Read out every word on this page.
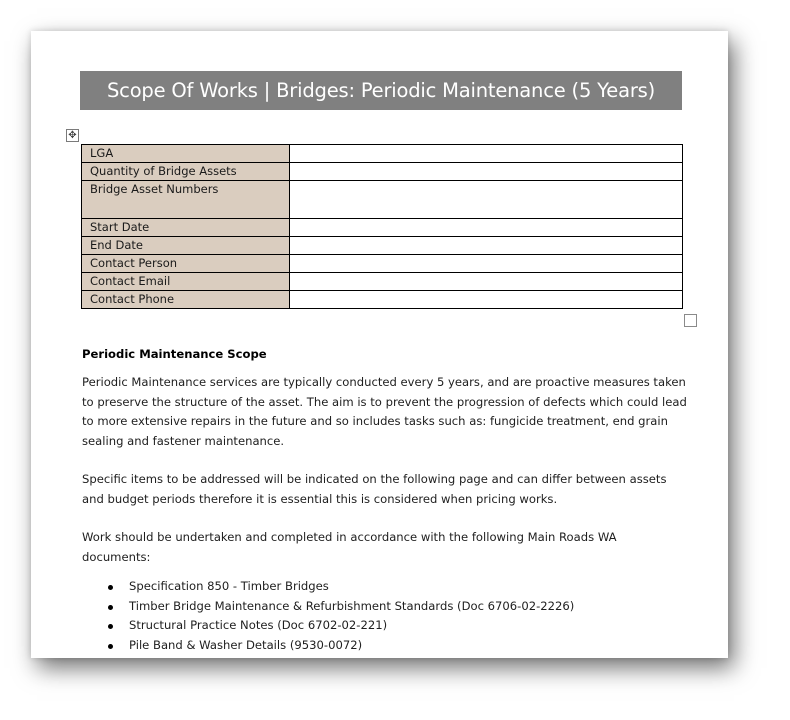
Scope Of Works | Bridges: Periodic Maintenance (5 Years)
✥
LGA	
Quantity of Bridge Assets	
Bridge Asset Numbers	
Start Date	
End Date	
Contact Person	
Contact Email	
Contact Phone	
Periodic Maintenance Scope

Periodic Maintenance services are typically conducted every 5 years, and are proactive measures taken to preserve the structure of the asset. The aim is to prevent the progression of defects which could lead to more extensive repairs in the future and so includes tasks such as: fungicide treatment, end grain sealing and fastener maintenance.

Specific items to be addressed will be indicated on the following page and can differ between assets and budget periods therefore it is essential this is considered when pricing works.

Work should be undertaken and completed in accordance with the following Main Roads WA documents:

Specification 850 - Timber Bridges
Timber Bridge Maintenance & Refurbishment Standards (Doc 6706-02-2226)
Structural Practice Notes (Doc 6702-02-221)
Pile Band & Washer Details (9530-0072)
